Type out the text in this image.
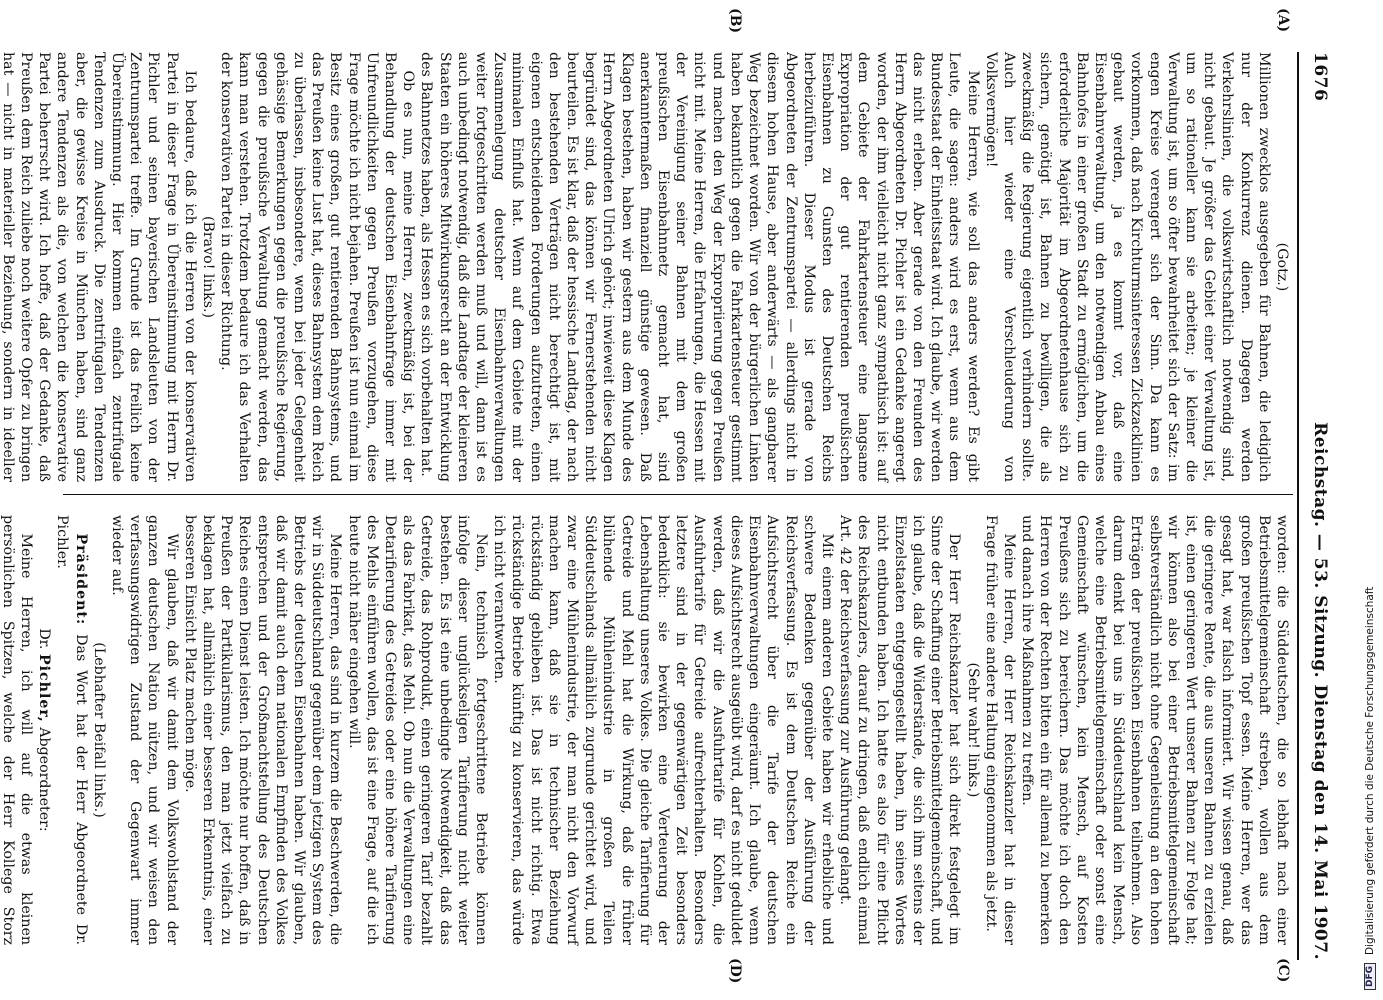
1676
Reichstag. — 53. Sitzung. Dienstag den 14. Mai 1907.
(A)
(B)
(C)
(D)

(Gotz.)

Millionen zwecklos ausgegeben für Bahnen, die lediglich nur der Konkurrenz dienen. Dagegen werden Verkehrslinien, die volkswirtschaftlich notwendig sind, nicht gebaut. Je größer das Gebiet einer Verwaltung ist, um so rationeller kann sie arbeiten; je kleiner die Verwaltung ist, um so öfter bewahrheitet sich der Satz: im engen Kreise verengert sich der Sinn. Da kann es vorkommen, daß nach Kirchturmsinteressen Zickzacklinien gebaut werden, ja es kommt vor, daß eine Eisenbahnverwaltung, um den notwendigen Anbau eines Bahnhofes in einer großen Stadt zu ermöglichen, um die erforderliche Majorität im Abgeordnetenhause sich zu sichern, genötigt ist, Bahnen zu bewilligen, die als zweckmäßig die Regierung eigentlich verhindern sollte. Auch hier wieder eine Verschleuderung von Volksvermögen!

Meine Herren, wie soll das anders werden? Es gibt Leute, die sagen: anders wird es erst, wenn aus dem Bundesstaat der Einheitsstaat wird. Ich glaube, wir werden das nicht erleben. Aber gerade von den Freunden des Herrn Abgeordneten Dr. Pichler ist ein Gedanke angeregt worden, der ihm vielleicht nicht ganz sympathisch ist: auf dem Gebiete der Fahrkartensteuer eine langsame Expropriation der gut rentierenden preußischen Eisenbahnen zu Gunsten des Deutschen Reichs herbeizuführen. Dieser Modus ist gerade von Abgeordneten der Zentrumspartei — allerdings nicht in diesem hohen Hause, aber anderwärts — als gangbarer Weg bezeichnet worden. Wir von der bürgerlichen Linken haben bekanntlich gegen die Fahrkartensteuer gestimmt und machen den Weg der Expropriierung gegen Preußen nicht mit. Meine Herren, die Erfahrungen, die Hessen mit der Vereinigung seiner Bahnen mit dem großen preußischen Eisenbahnnetz gemacht hat, sind anerkanntermaßen finanziell günstige gewesen. Daß Klagen bestehen, haben wir gestern aus dem Munde des Herrn Abgeordneten Ulrich gehört; inwieweit diese Klagen begründet sind, das können wir Fernerstehenden nicht beurteilen. Es ist klar, daß der hessische Landtag, der nach den bestehenden Verträgen nicht berechtigt ist, mit eigenen entscheidenden Forderungen aufzutreten, einen minimalen Einfluß hat. Wenn auf dem Gebiete mit der Zusammenlegung deutscher Eisenbahnverwaltungen weiter fortgeschritten werden muß und will, dann ist es auch unbedingt notwendig, daß die Landtage der kleineren Staaten ein höheres Mitwirkungsrecht an der Entwicklung des Bahnnetzes haben, als Hessen es sich vorbehalten hat.

Ob es nun, meine Herren, zweckmäßig ist, bei der Behandlung der deutschen Eisenbahnfrage immer mit Unfreundlichkeiten gegen Preußen vorzugehen, diese Frage möchte ich nicht bejahen. Preußen ist nun einmal im Besitz eines großen, gut rentierenden Bahnsystems, und das Preußen keine Lust hat, dieses Bahnsystem dem Reich zu überlassen, insbesondere, wenn bei jeder Gelegenheit gehässige Bemerkungen gegen die preußische Regierung, gegen die preußische Verwaltung gemacht werden, das kann man verstehen. Trotzdem bedaure ich das Verhalten der konservativen Partei in dieser Richtung.

(Bravo! links.)

Ich bedaure, daß ich die Herren von der konservativen Partei in dieser Frage in Übereinstimmung mit Herrn Dr. Pichler und seinen bayerischen Landsleuten von der Zentrumspartei treffe. Im Grunde ist das freilich keine Übereinstimmung. Hier kommen einfach zentrifugale Tendenzen zum Ausdruck. Die zentrifugalen Tendenzen aber, die gewisse Kreise in München haben, sind ganz andere Tendenzen als die, von welchen die konservative Partei beherrscht wird. Ich hoffe, daß der Gedanke, daß Preußen dem Reich zuliebe noch weitere Opfer zu bringen hat — nicht in materieller Beziehung, sondern in ideeller

worden: die Süddeutschen, die so lebhaft nach einer Betriebsmittelgemeinschaft streben, wollen aus dem großen preußischen Topf essen. Meine Herren, wer das gesagt hat, war falsch informiert. Wir wissen genau, daß die geringere Rente, die aus unseren Bahnen zu erzielen ist, einen geringeren Wert unserer Bahnen zur Folge hat; wir können also bei einer Betriebsmittelgemeinschaft selbstverständlich nicht ohne Gegenleistung an den hohen Erträgen der preußischen Eisenbahnen teilnehmen. Also darum denkt bei uns in Süddeutschland kein Mensch, welche eine Betriebsmittelgemeinschaft oder sonst eine Gemeinschaft wünschen, kein Mensch, auf Kosten Preußens sich zu bereichern. Das möchte ich doch den Herren von der Rechten bitten ein für allemal zu bemerken und danach ihre Maßnahmen zu treffen.

Meine Herren, der Herr Reichskanzler hat in dieser Frage früher eine andere Haltung eingenommen als jetzt.

(Sehr wahr! links.)

Der Herr Reichskanzler hat sich direkt festgelegt im Sinne der Schaffung einer Betriebsmittelgemeinschaft, und ich glaube, daß die Widerstände, die sich ihm seitens der Einzelstaaten entgegengestellt haben, ihn seines Wortes nicht entbunden haben. Ich hatte es also für eine Pflicht des Reichskanzlers, darauf zu dringen, daß endlich einmal Art. 42 der Reichsverfassung zur Ausführung gelangt.

Mit einem anderen Gebiete haben wir erhebliche und schwere Bedenken gegenüber der Ausführung der Reichsverfassung. Es ist dem Deutschen Reiche ein Aufsichtsrecht über die Tarife der deutschen Eisenbahnverwaltungen eingeräumt. Ich glaube, wenn dieses Aufsichtsrecht ausgeübt wird, darf es nicht geduldet werden, daß wir die Ausfuhrtarife für Kohlen, die Ausfuhrtarife für Getreide aufrechterhalten. Besonders letztere sind in der gegenwärtigen Zeit besonders bedenklich: sie bewirken eine Verteuerung der Lebenshaltung unseres Volkes. Die gleiche Tarifierung für Getreide und Mehl hat die Wirkung, daß die früher blühende Mühlenindustrie in großen Teilen Süddeutschlands allmählich zugrunde gerichtet wird, und zwar eine Mühlenindustrie, der man nicht den Vorwurf machen kann, daß sie in technischer Beziehung rückständig geblieben ist. Das ist nicht richtig. Etwa rückständige Betriebe künftig zu konservieren, das würde ich nicht verantworten.

Nein, technisch fortgeschrittene Betriebe können infolge dieser unglückseligen Tarifierung nicht weiter bestehen. Es ist eine unbedingte Notwendigkeit, daß das Getreide, das Rohprodukt, einen geringeren Tarif bezahlt als das Fabrikat, das Mehl. Ob nun die Verwaltungen eine Detarifierung des Getreides oder eine höhere Tarifierung des Mehls einführen wollen, das ist eine Frage, auf die ich heute nicht näher eingehen will.

Meine Herren, das sind in kurzem die Beschwerden, die wir in Süddeutschland gegenüber dem jetzigen System des Betriebs der deutschen Eisenbahnen haben. Wir glauben, daß wir damit auch dem nationalen Empfinden des Volkes entsprechen und der Großmachtstellung des Deutschen Reiches einen Dienst leisten. Ich möchte nur hoffen, daß in Preußen der Partikularismus, den man jetzt vielfach zu beklagen hat, allmählich einer besseren Erkenntnis, einer besseren Einsicht Platz machen möge.

Wir glauben, daß wir damit dem Volkswohlstand der ganzen deutschen Nation nützen, und wir weisen den verfassungswidrigen Zustand der Gegenwart immer wieder auf.

(Lebhafter Beifall links.)

Präsident: Das Wort hat der Herr Abgeordnete Dr. Pichler.

Dr. Pichler, Abgeordneter:

Meine Herren, ich will auf die etwas kleinen persönlichen Spitzen, welche der Herr Kollege Storz

DFG
Digitalisierung gefördert durch die Deutsche Forschungsgemeinschaft
